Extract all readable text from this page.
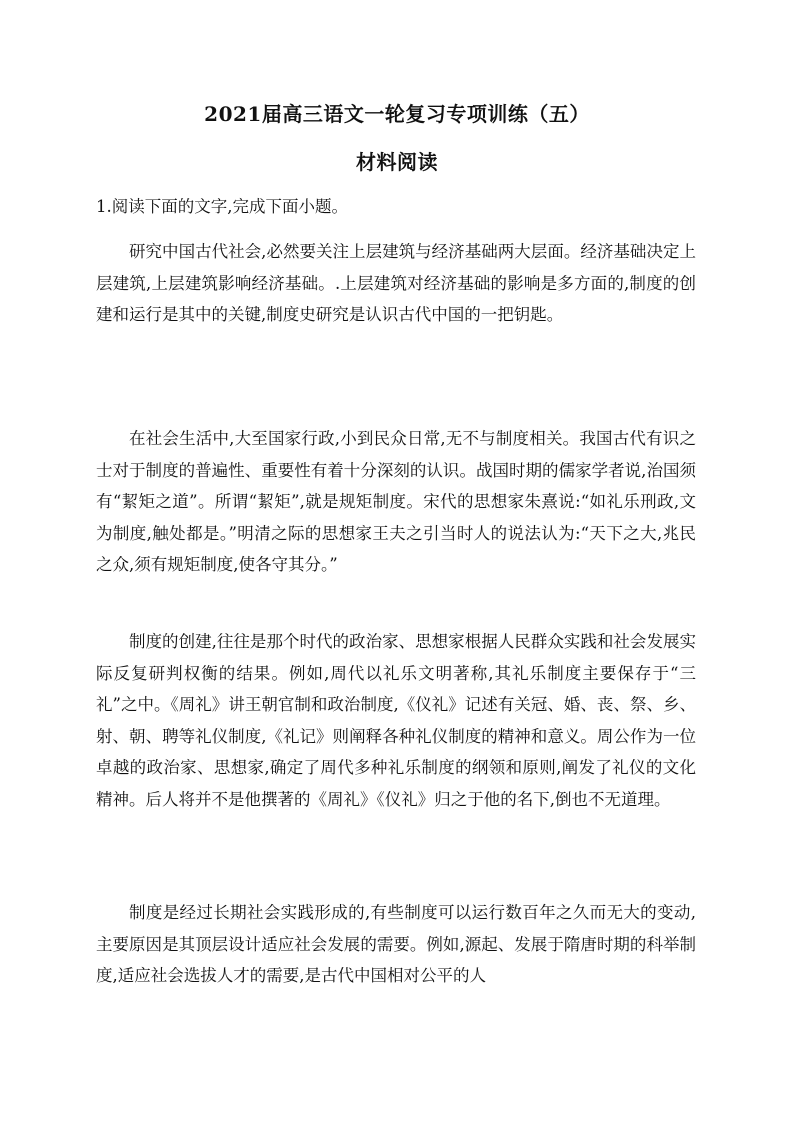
2021届高三语文一轮复习专项训练（五）
材料阅读
1.阅读下面的文字,完成下面小题。

研究中国古代社会,必然要关注上层建筑与经济基础两大层面。经济基础决定上层建筑,上层建筑影响经济基础。.上层建筑对经济基础的影响是多方面的,制度的创建和运行是其中的关键,制度史研究是认识古代中国的一把钥匙。

在社会生活中,大至国家行政,小到民众日常,无不与制度相关。我国古代有识之士对于制度的普遍性、重要性有着十分深刻的认识。战国时期的儒家学者说,治国须有“絜矩之道”。所谓“絜矩”,就是规矩制度。宋代的思想家朱熹说:“如礼乐刑政,文为制度,触处都是。”明清之际的思想家王夫之引当时人的说法认为:“天下之大,兆民之众,须有规矩制度,使各守其分。”

制度的创建,往往是那个时代的政治家、思想家根据人民群众实践和社会发展实际反复研判权衡的结果。例如,周代以礼乐文明著称,其礼乐制度主要保存于“三礼”之中。《周礼》讲王朝官制和政治制度,《仪礼》记述有关冠、婚、丧、祭、乡、射、朝、聘等礼仪制度,《礼记》则阐释各种礼仪制度的精神和意义。周公作为一位卓越的政治家、思想家,确定了周代多种礼乐制度的纲领和原则,阐发了礼仪的文化精神。后人将并不是他撰著的《周礼》《仪礼》归之于他的名下,倒也不无道理。

制度是经过长期社会实践形成的,有些制度可以运行数百年之久而无大的变动,主要原因是其顶层设计适应社会发展的需要。例如,源起、发展于隋唐时期的科举制度,适应社会选拔人才的需要,是古代中国相对公平的人
